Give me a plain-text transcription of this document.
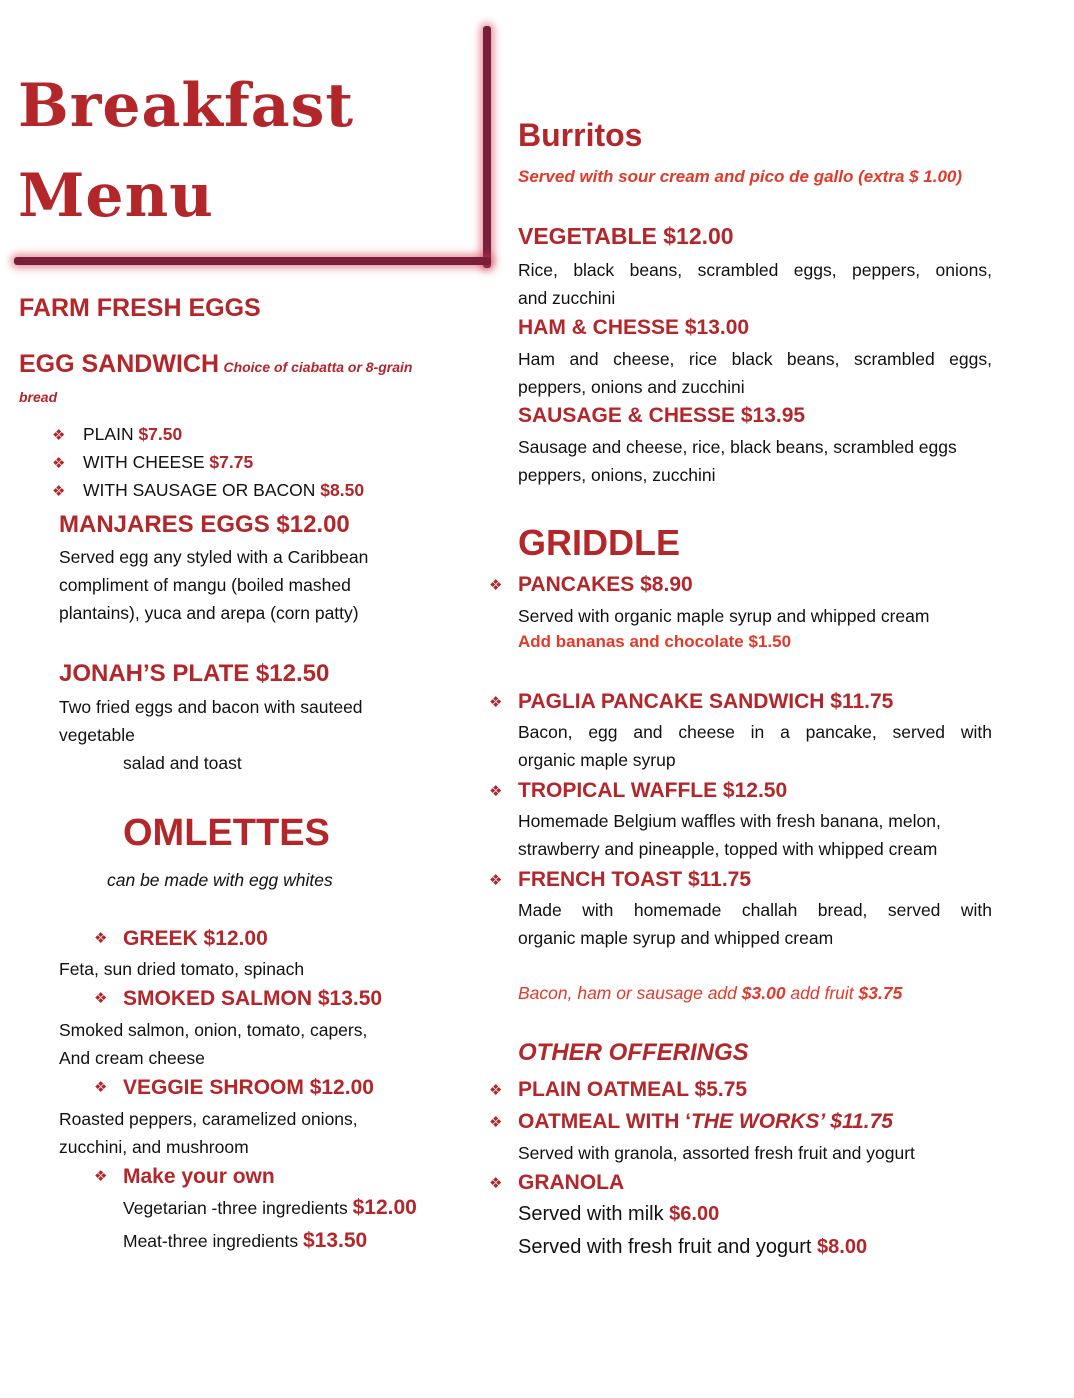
Breakfast
Menu
FARM FRESH EGGS
EGG SANDWICH Choice of ciabatta or 8-grain
bread
❖ PLAIN $7.50
❖ WITH CHEESE $7.75
❖ WITH SAUSAGE OR BACON $8.50
MANJARES EGGS $12.00
Served egg any styled with a Caribbean
compliment of mangu (boiled mashed
plantains), yuca and arepa (corn patty)
JONAH’S PLATE $12.50
Two fried eggs and bacon with sauteed
vegetable
salad and toast
OMLETTES
can be made with egg whites
❖ GREEK $12.00
Feta, sun dried tomato, spinach
❖ SMOKED SALMON $13.50
Smoked salmon, onion, tomato, capers,
And cream cheese
❖ VEGGIE SHROOM $12.00
Roasted peppers, caramelized onions,
zucchini, and mushroom
❖ Make your own
Vegetarian -three ingredients $12.00
Meat-three ingredients $13.50
Burritos
Served with sour cream and pico de gallo (extra $ 1.00)
VEGETABLE $12.00
Rice, black beans, scrambled eggs, peppers, onions,
and zucchini
HAM & CHESSE $13.00
Ham and cheese, rice black beans, scrambled eggs,
peppers, onions and zucchini
SAUSAGE & CHESSE $13.95
Sausage and cheese, rice, black beans, scrambled eggs
peppers, onions, zucchini
GRIDDLE
❖ PANCAKES $8.90
Served with organic maple syrup and whipped cream
Add bananas and chocolate $1.50
❖ PAGLIA PANCAKE SANDWICH $11.75
Bacon, egg and cheese in a pancake, served with
organic maple syrup
❖ TROPICAL WAFFLE $12.50
Homemade Belgium waffles with fresh banana, melon,
strawberry and pineapple, topped with whipped cream
❖ FRENCH TOAST $11.75
Made with homemade challah bread, served with
organic maple syrup and whipped cream
Bacon, ham or sausage add $3.00 add fruit $3.75
OTHER OFFERINGS
❖ PLAIN OATMEAL $5.75
❖ OATMEAL WITH ‘THE WORKS’ $11.75
Served with granola, assorted fresh fruit and yogurt
❖ GRANOLA
Served with milk $6.00
Served with fresh fruit and yogurt $8.00
